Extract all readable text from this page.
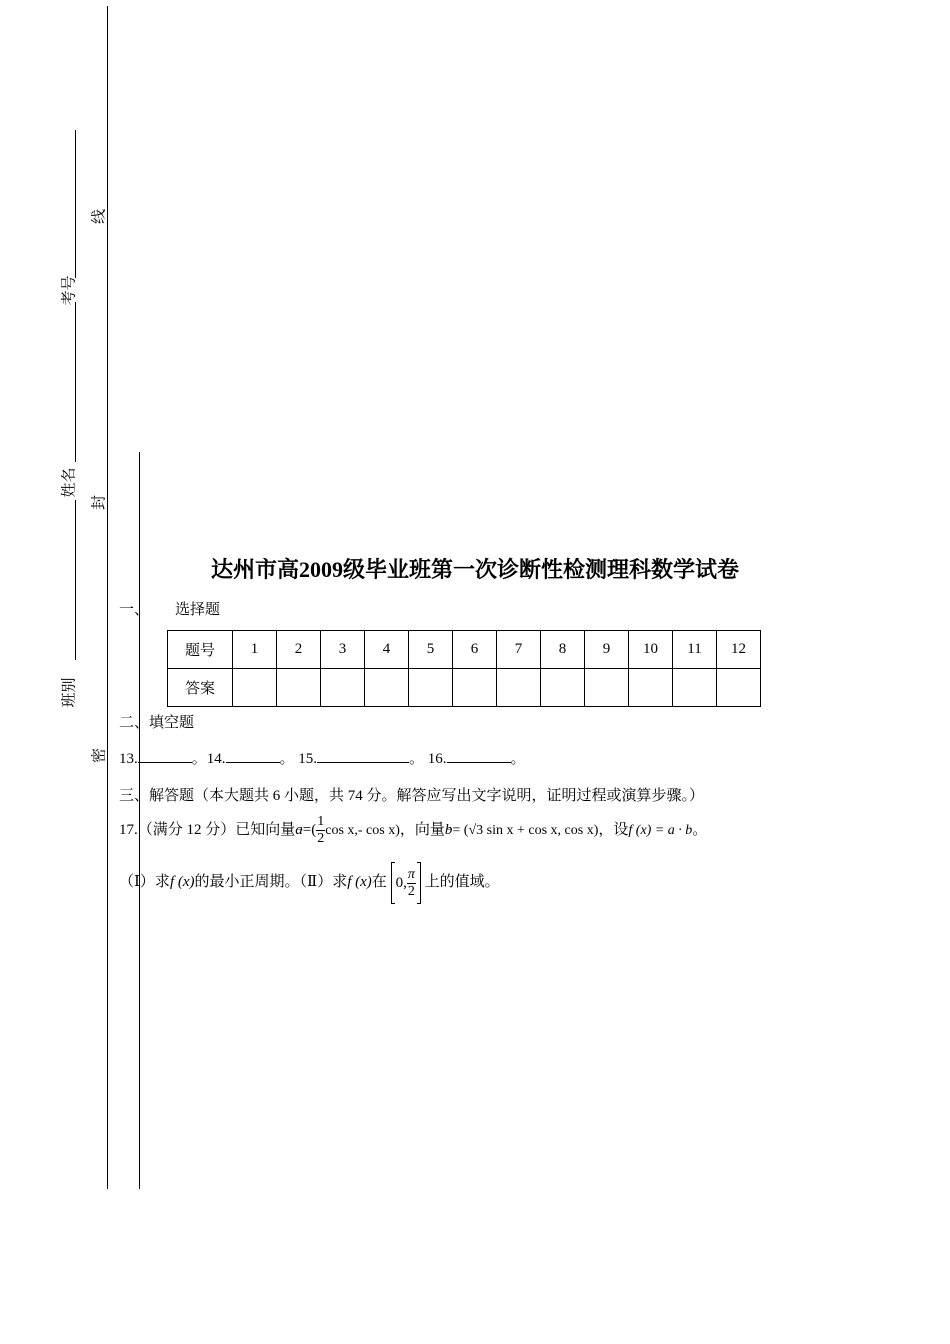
考号
姓名
班别
线
封
密
达州市高2009级毕业班第一次诊断性检测理科数学试卷
一、 选择题
题号	1	2	3	4	5	6	7	8	9	10	11	12
答案												
二、填空题
13.	。14.	。 15.	。 16.	。
三、解答题（本大题共 6 小题，共 74 分。解答应写出文字说明，证明过程或演算步骤。）
17.（满分 12 分）已知向量→ $a=( \frac{1}{2}$ cos x,- cos x)，向量→ b= (√3 sin x + cos x, cos x)，设f (x) = a · b。
（Ⅰ）求f (x)的最小正周期。（Ⅱ）求f (x)在 0, $\frac{\pi}{2}$ 上的值域。
